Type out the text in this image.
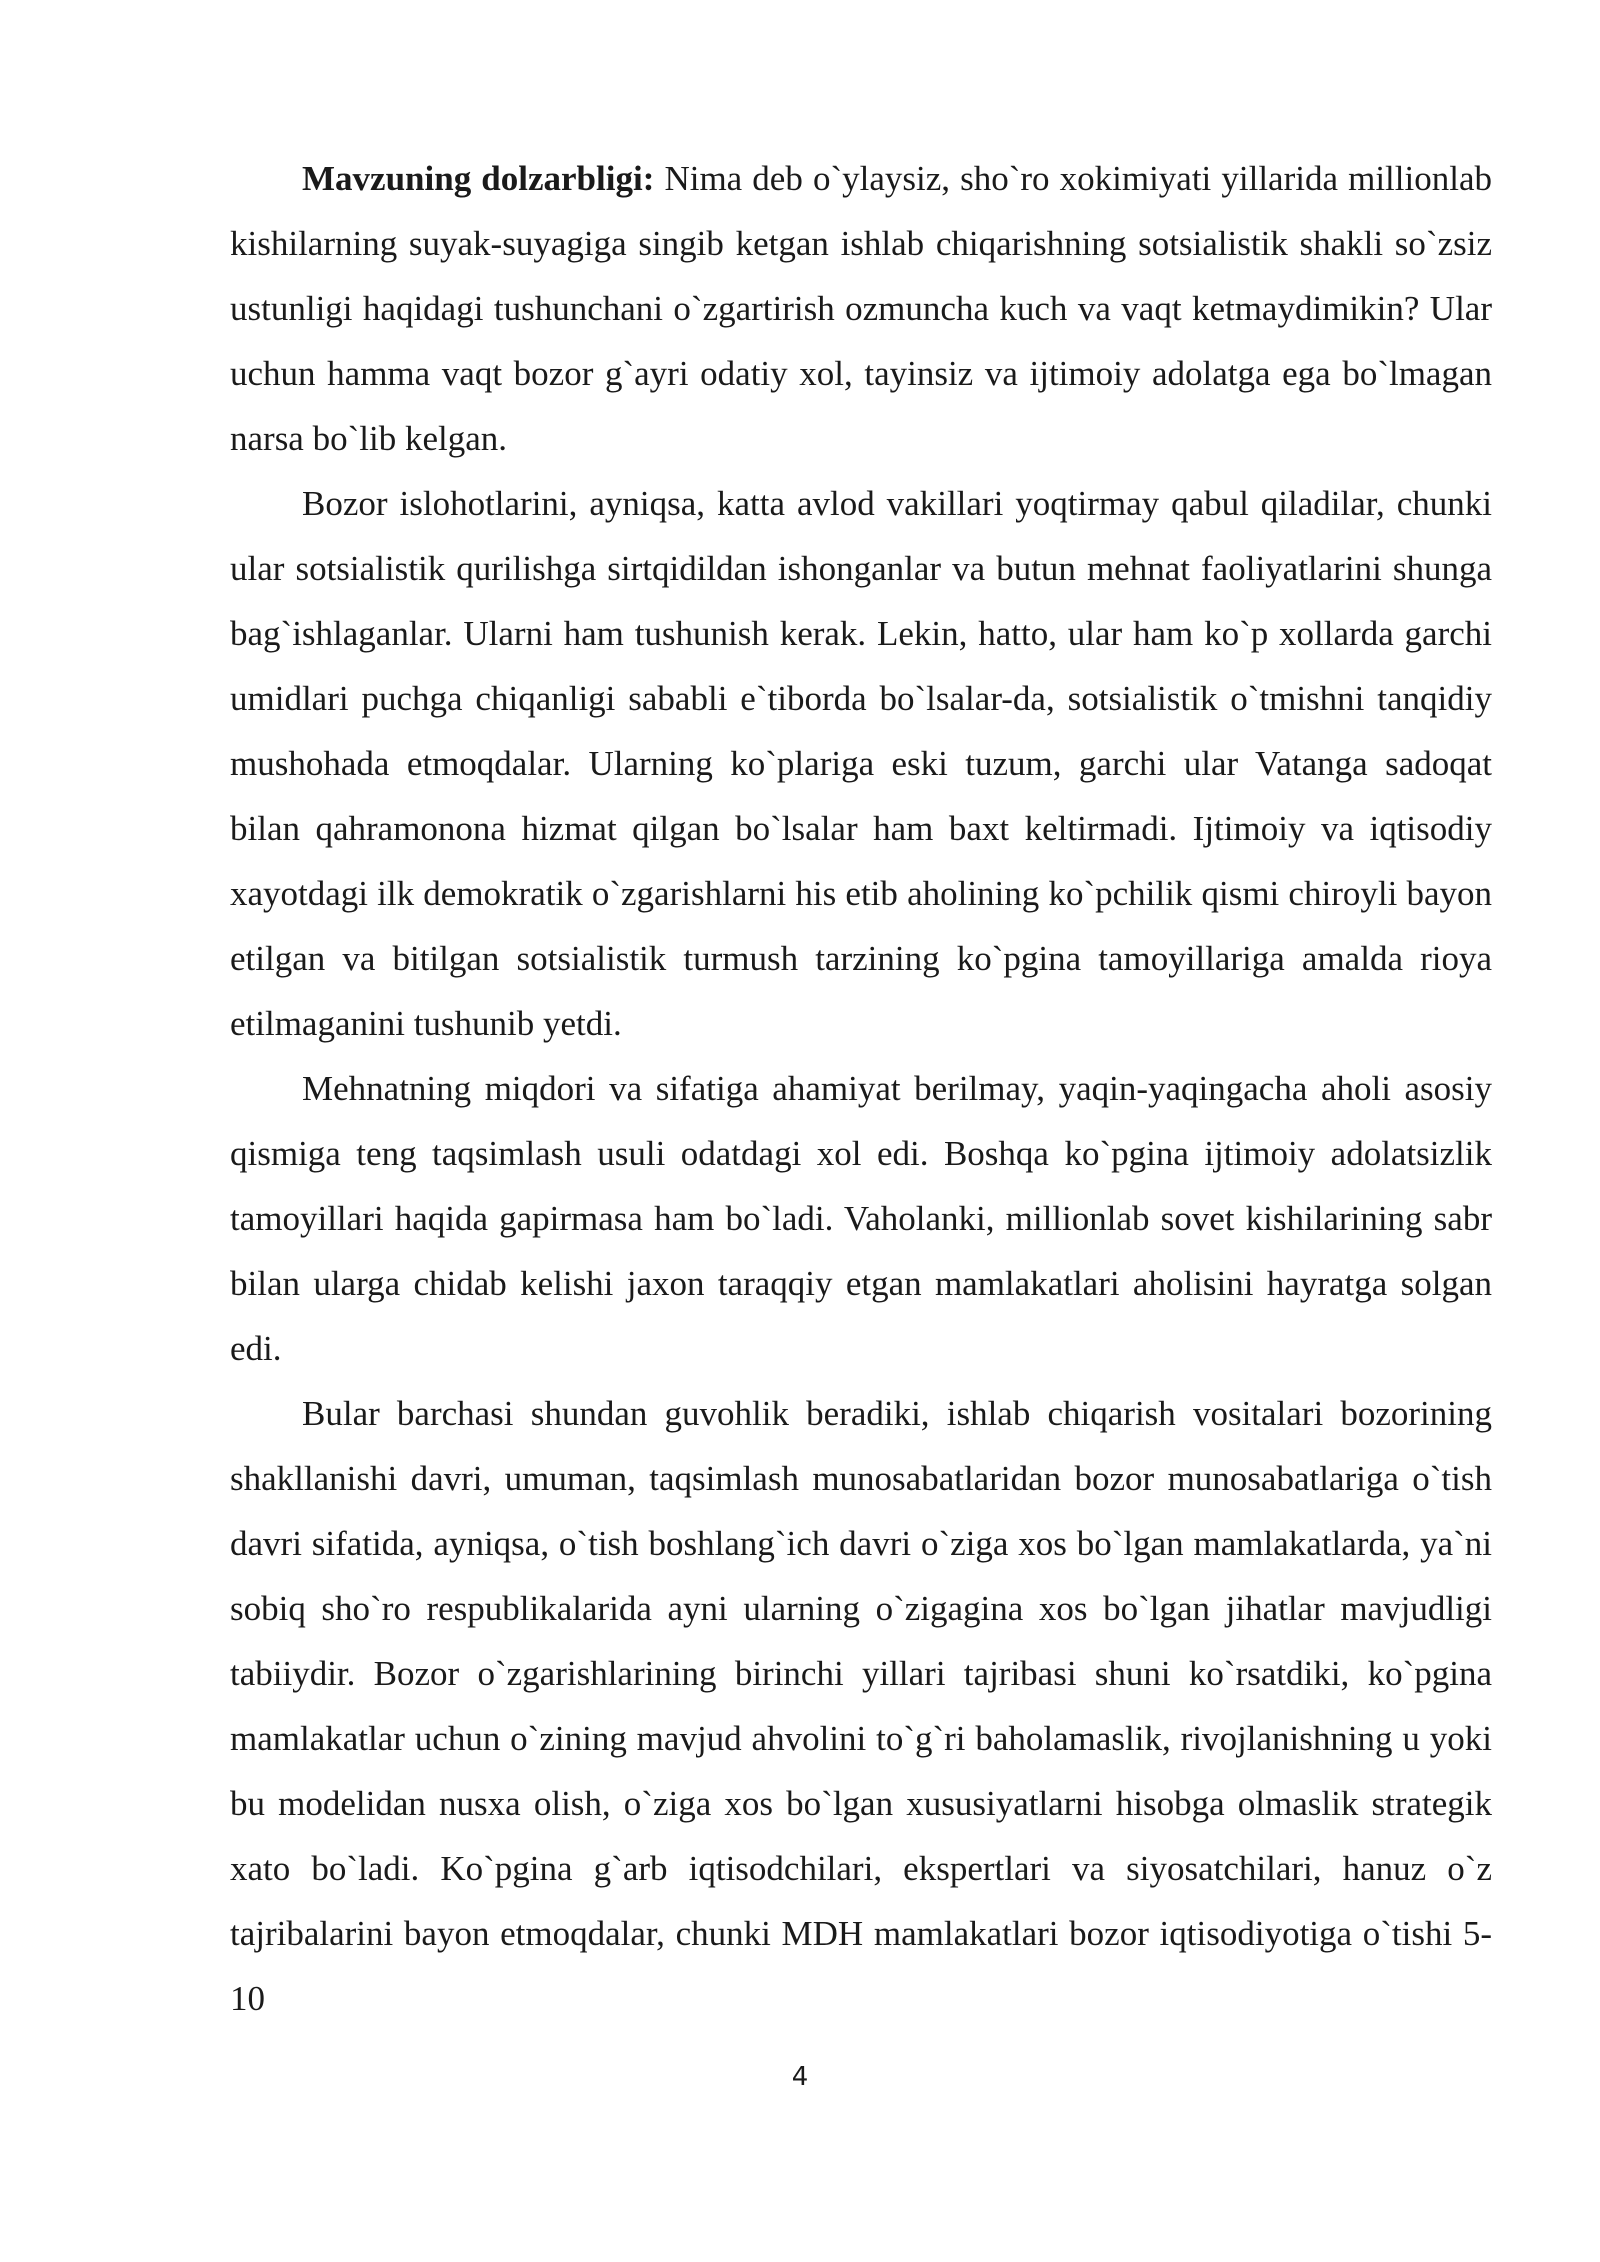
Mavzuning dolzarbligi: Nima deb o`ylaysiz, sho`ro xokimiyati yillarida millionlab kishilarning suyak-suyagiga singib ketgan ishlab chiqarishning sotsialistik shakli so`zsiz ustunligi haqidagi tushunchani o`zgartirish ozmuncha kuch va vaqt ketmaydimikin? Ular uchun hamma vaqt bozor g`ayri odatiy xol, tayinsiz va ijtimoiy adolatga ega bo`lmagan narsa bo`lib kelgan.

Bozor islohotlarini, ayniqsa, katta avlod vakillari yoqtirmay qabul qiladilar, chunki ular sotsialistik qurilishga sirtqidildan ishonganlar va butun mehnat faoliyatlarini shunga bag`ishlaganlar. Ularni ham tushunish kerak. Lekin, hatto, ular ham ko`p xollarda garchi umidlari puchga chiqanligi sababli e`tiborda bo`lsalar-da, sotsialistik o`tmishni tanqidiy mushohada etmoqdalar. Ularning ko`plariga eski tuzum, garchi ular Vatanga sadoqat bilan qahramonona hizmat qilgan bo`lsalar ham baxt keltirmadi. Ijtimoiy va iqtisodiy xayotdagi ilk demokratik o`zgarishlarni his etib aholining ko`pchilik qismi chiroyli bayon etilgan va bitilgan sotsialistik turmush tarzining ko`pgina tamoyillariga amalda rioya etilmaganini tushunib yetdi.

Mehnatning miqdori va sifatiga ahamiyat berilmay, yaqin-yaqingacha aholi asosiy qismiga teng taqsimlash usuli odatdagi xol edi. Boshqa ko`pgina ijtimoiy adolatsizlik tamoyillari haqida gapirmasa ham bo`ladi. Vaholanki, millionlab sovet kishilarining sabr bilan ularga chidab kelishi jaxon taraqqiy etgan mamlakatlari aholisini hayratga solgan edi.

Bular barchasi shundan guvohlik beradiki, ishlab chiqarish vositalari bozorining shakllanishi davri, umuman, taqsimlash munosabatlaridan bozor munosabatlariga o`tish davri sifatida, ayniqsa, o`tish boshlang`ich davri o`ziga xos bo`lgan mamlakatlarda, ya`ni sobiq sho`ro respublikalarida ayni ularning o`zigagina xos bo`lgan jihatlar mavjudligi tabiiydir. Bozor o`zgarishlarining birinchi yillari tajribasi shuni ko`rsatdiki, ko`pgina mamlakatlar uchun o`zining mavjud ahvolini to`g`ri baholamaslik, rivojlanishning u yoki bu modelidan nusxa olish, o`ziga xos bo`lgan xususiyatlarni hisobga olmaslik strategik xato bo`ladi. Ko`pgina g`arb iqtisodchilari, ekspertlari va siyosatchilari, hanuz o`z tajribalarini bayon etmoqdalar, chunki MDH mamlakatlari bozor iqtisodiyotiga o`tishi 5-10

4
